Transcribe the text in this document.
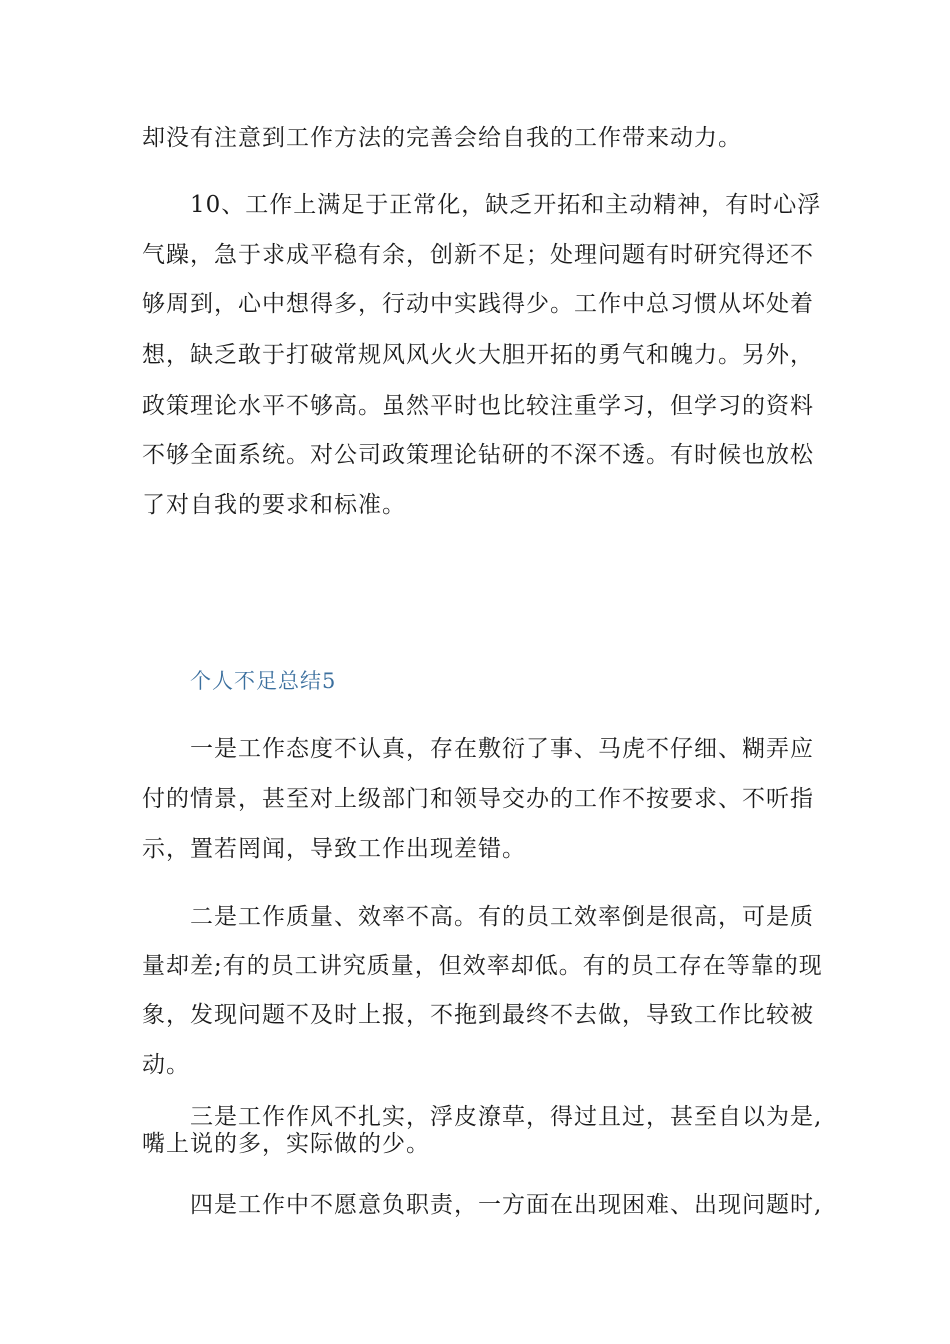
却没有注意到工作方法的完善会给自我的工作带来动力。
10、工作上满足于正常化，缺乏开拓和主动精神，有时心浮
气躁，急于求成平稳有余，创新不足；处理问题有时研究得还不
够周到，心中想得多，行动中实践得少。工作中总习惯从坏处着
想，缺乏敢于打破常规风风火火大胆开拓的勇气和魄力。另外，
政策理论水平不够高。虽然平时也比较注重学习，但学习的资料
不够全面系统。对公司政策理论钻研的不深不透。有时候也放松
了对自我的要求和标准。
个人不足总结5
一是工作态度不认真，存在敷衍了事、马虎不仔细、糊弄应
付的情景，甚至对上级部门和领导交办的工作不按要求、不听指
示，置若罔闻，导致工作出现差错。
二是工作质量、效率不高。有的员工效率倒是很高，可是质
量却差;有的员工讲究质量，但效率却低。有的员工存在等靠的现
象，发现问题不及时上报，不拖到最终不去做，导致工作比较被
动。
三是工作作风不扎实，浮皮潦草，得过且过，甚至自以为是,
嘴上说的多，实际做的少。
四是工作中不愿意负职责，一方面在出现困难、出现问题时,
